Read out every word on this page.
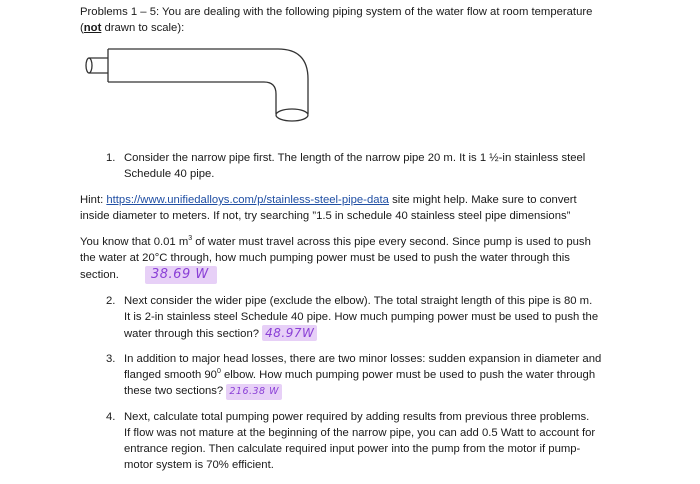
Problems 1 – 5: You are dealing with the following piping system of the water flow at room temperature
(not drawn to scale):
1. Consider the narrow pipe first. The length of the narrow pipe 20 m. It is 1 ½-in stainless steel
Schedule 40 pipe.
Hint: https://www.unifiedalloys.com/p/stainless-steel-pipe-data site might help. Make sure to convert
inside diameter to meters. If not, try searching ”1.5 in schedule 40 stainless steel pipe dimensions”
You know that 0.01 $m^3$ of water must travel across this pipe every second. Since pump is used to push
the water at 20°C through, how much pumping power must be used to push the water through this
section.	38.69 W
2. Next consider the wider pipe (exclude the elbow). The total straight length of this pipe is 80 m.
It is 2-in stainless steel Schedule 40 pipe. How much pumping power must be used to push the
water through this section? 48.97W
3. In addition to major head losses, there are two minor losses: sudden expansion in diameter and
flanged smooth $90^0$ elbow. How much pumping power must be used to push the water through
these two sections? 216.38 W
4. Next, calculate total pumping power required by adding results from previous three problems.
If flow was not mature at the beginning of the narrow pipe, you can add 0.5 Watt to account for
entrance region. Then calculate required input power into the pump from the motor if pump-
motor system is 70% efficient.
